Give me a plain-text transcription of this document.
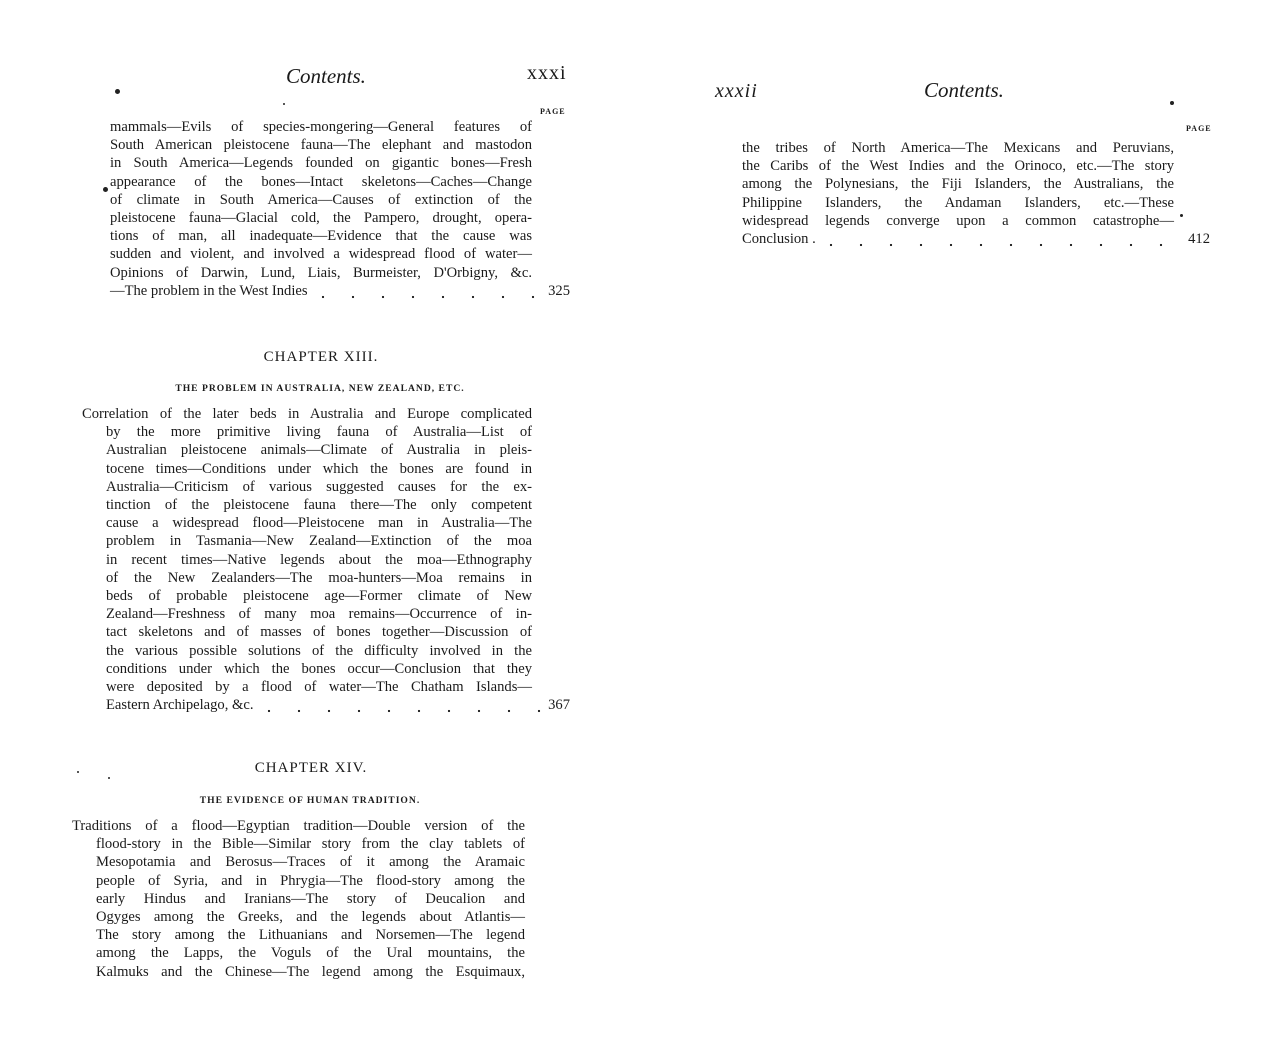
Contents.	xxxi
PAGE
mammals—Evils of species-mongering—General features of
South American pleistocene fauna—The elephant and mastodon
in South America—Legends founded on gigantic bones—Fresh
appearance of the bones—Intact skeletons—Caches—Change
of climate in South America—Causes of extinction of the
pleistocene fauna—Glacial cold, the Pampero, drought, opera-
tions of man, all inadequate—Evidence that the cause was
sudden and violent, and involved a widespread flood of water—
Opinions of Darwin, Lund, Liais, Burmeister, D'Orbigny, &c.
—The problem in the West Indies	325
CHAPTER XIII.
THE PROBLEM IN AUSTRALIA, NEW ZEALAND, ETC.
Correlation of the later beds in Australia and Europe complicated
by the more primitive living fauna of Australia—List of
Australian pleistocene animals—Climate of Australia in pleis-
tocene times—Conditions under which the bones are found in
Australia—Criticism of various suggested causes for the ex-
tinction of the pleistocene fauna there—The only competent
cause a widespread flood—Pleistocene man in Australia—The
problem in Tasmania—New Zealand—Extinction of the moa
in recent times—Native legends about the moa—Ethnography
of the New Zealanders—The moa-hunters—Moa remains in
beds of probable pleistocene age—Former climate of New
Zealand—Freshness of many moa remains—Occurrence of in-
tact skeletons and of masses of bones together—Discussion of
the various possible solutions of the difficulty involved in the
conditions under which the bones occur—Conclusion that they
were deposited by a flood of water—The Chatham Islands—
Eastern Archipelago, &c.	367
CHAPTER XIV.
THE EVIDENCE OF HUMAN TRADITION.
Traditions of a flood—Egyptian tradition—Double version of the
flood-story in the Bible—Similar story from the clay tablets of
Mesopotamia and Berosus—Traces of it among the Aramaic
people of Syria, and in Phrygia—The flood-story among the
early Hindus and Iranians—The story of Deucalion and
Ogyges among the Greeks, and the legends about Atlantis—
The story among the Lithuanians and Norsemen—The legend
among the Lapps, the Voguls of the Ural mountains, the
Kalmuks and the Chinese—The legend among the Esquimaux,
xxxii	Contents.
PAGE
the tribes of North America—The Mexicans and Peruvians,
the Caribs of the West Indies and the Orinoco, etc.—The story
among the Polynesians, the Fiji Islanders, the Australians, the
Philippine Islanders, the Andaman Islanders, etc.—These
widespread legends converge upon a common catastrophe—
Conclusion .	412
